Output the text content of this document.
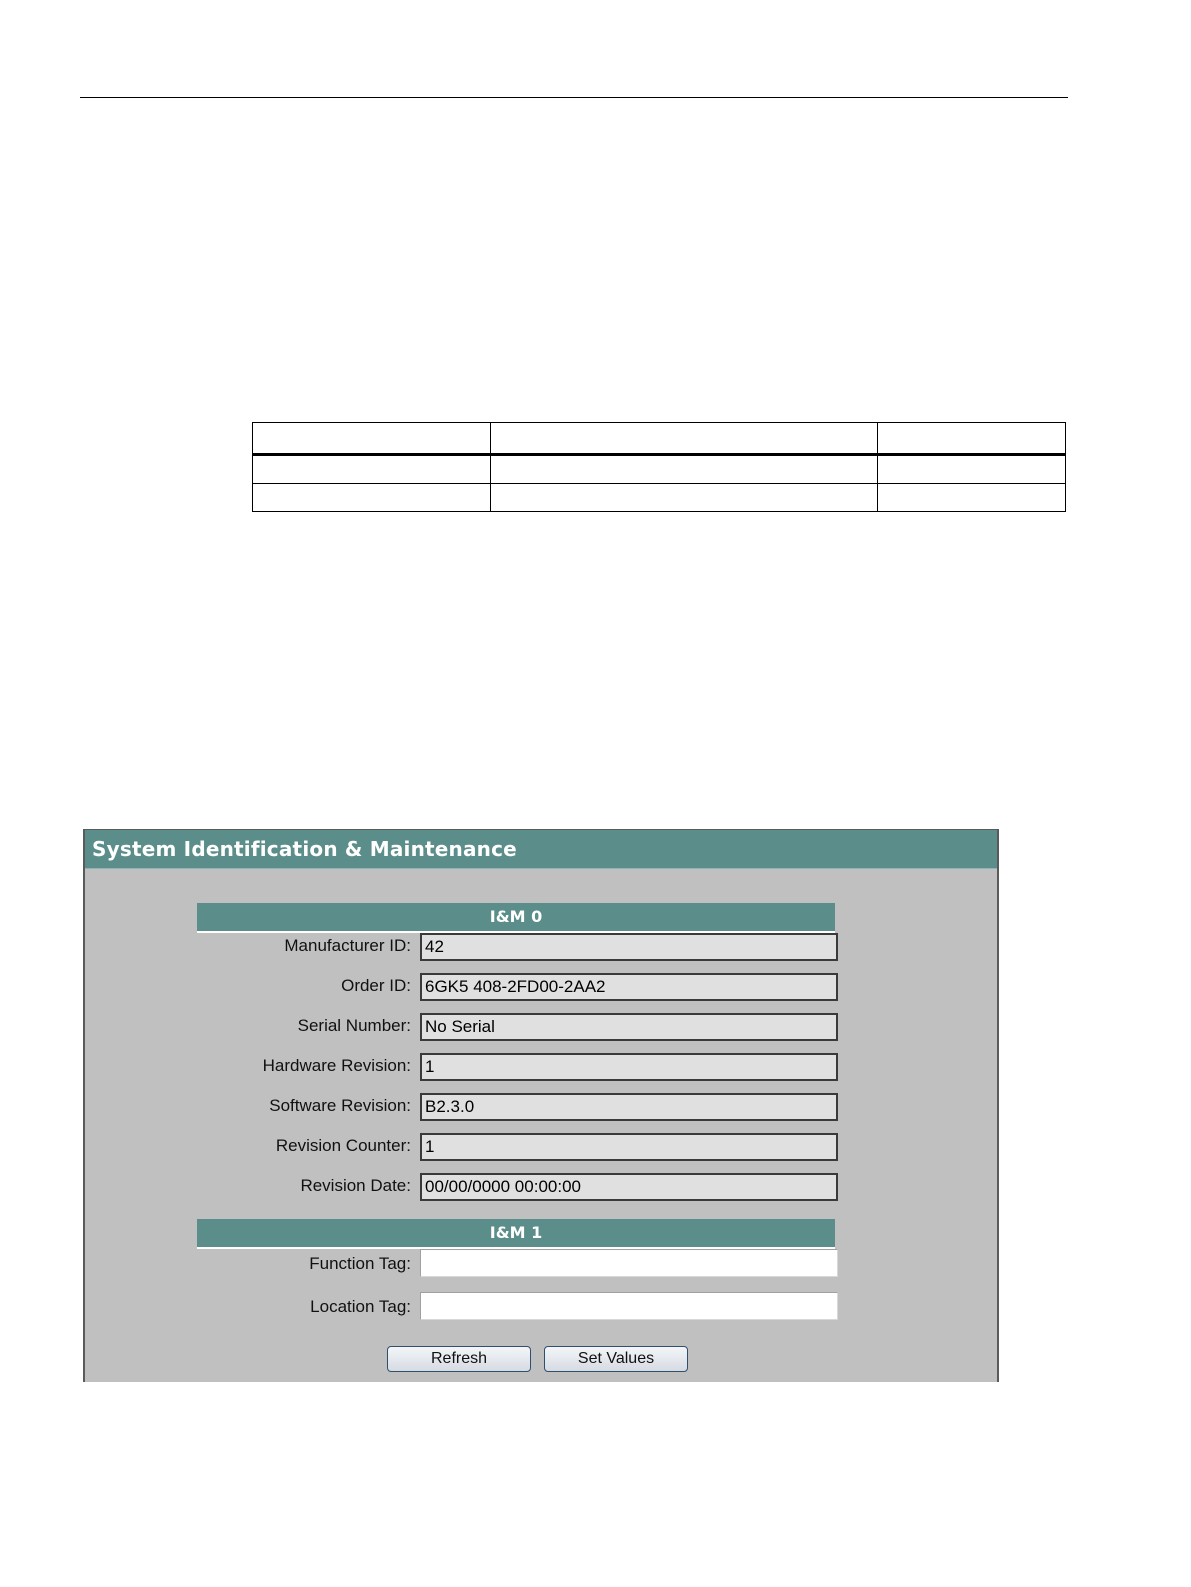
System Identification & Maintenance
I&M 0
Manufacturer ID: 42
Order ID: 6GK5 408-2FD00-2AA2
Serial Number: No Serial
Hardware Revision: 1
Software Revision: B2.3.0
Revision Counter: 1
Revision Date: 00/00/0000 00:00:00
I&M 1
Function Tag:
Location Tag:
Refresh	Set Values
